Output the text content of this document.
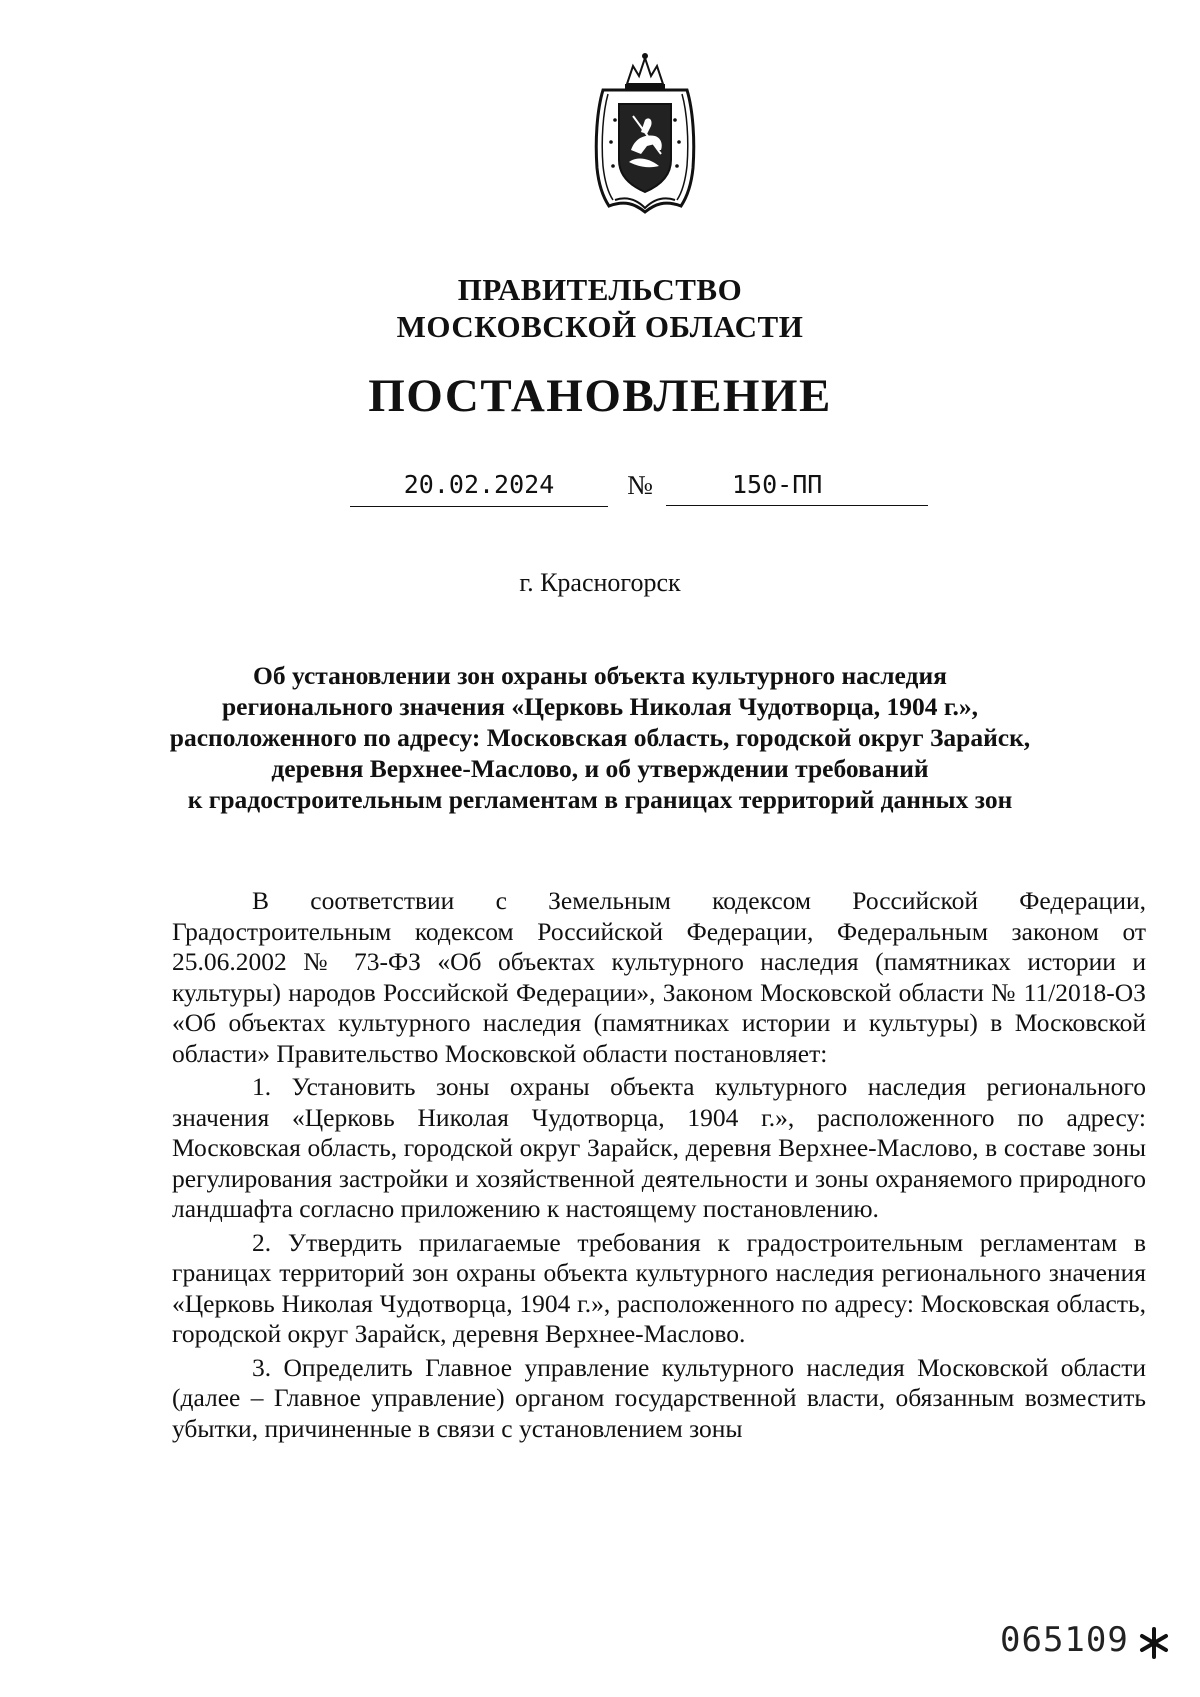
ПРАВИТЕЛЬСТВО
МОСКОВСКОЙ ОБЛАСТИ
ПОСТАНОВЛЕНИЕ
20.02.2024	№	150-ПП
г. Красногорск
Об установлении зон охраны объекта культурного наследия
регионального значения «Церковь Николая Чудотворца, 1904 г.»,
расположенного по адресу: Московская область, городской округ Зарайск,
деревня Верхнее-Маслово, и об утверждении требований
к градостроительным регламентам в границах территорий данных зон

В соответствии с Земельным кодексом Российской Федерации, Градостроительным кодексом Российской Федерации, Федеральным законом от 25.06.2002 № 73-ФЗ «Об объектах культурного наследия (памятниках истории и культуры) народов Российской Федерации», Законом Московской области № 11/2018-ОЗ «Об объектах культурного наследия (памятниках истории и культуры) в Московской области» Правительство Московской области постановляет:

1. Установить зоны охраны объекта культурного наследия регионального значения «Церковь Николая Чудотворца, 1904 г.», расположенного по адресу: Московская область, городской округ Зарайск, деревня Верхнее-Маслово, в составе зоны регулирования застройки и хозяйственной деятельности и зоны охраняемого природного ландшафта согласно приложению к настоящему постановлению.

2. Утвердить прилагаемые требования к градостроительным регламентам в границах территорий зон охраны объекта культурного наследия регионального значения «Церковь Николая Чудотворца, 1904 г.», расположенного по адресу: Московская область, городской округ Зарайск, деревня Верхнее-Маслово.

3. Определить Главное управление культурного наследия Московской области (далее – Главное управление) органом государственной власти, обязанным возместить убытки, причиненные в связи с установлением зоны

065109
